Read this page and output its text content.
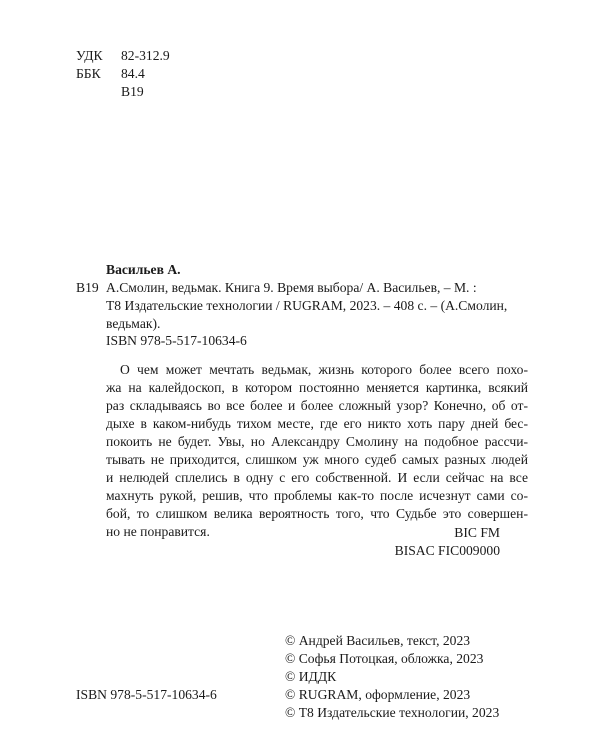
УДК	82-312.9
ББК	84.4
В19
Васильев А.
В19 А.Смолин, ведьмак. Книга 9. Время выбора/ А. Васильев, – М. :
Т8 Издательские технологии / RUGRAM, 2023. – 408 с. – (А.Смолин,
ведьмак).
ISBN 978-5-517-10634-6
О чем может мечтать ведьмак, жизнь которого более всего похо-
жа на калейдоскоп, в котором постоянно меняется картинка, всякий
раз складываясь во все более и более сложный узор? Конечно, об от-
дыхе в каком-нибудь тихом месте, где его никто хоть пару дней бес-
покоить не будет. Увы, но Александру Смолину на подобное рассчи-
тывать не приходится, слишком уж много судеб самых разных людей
и нелюдей сплелись в одну с его собственной. И если сейчас на все
махнуть рукой, решив, что проблемы как-то после исчезнут сами со-
бой, то слишком велика вероятность того, что Судьбе это совершен-
но не понравится.	BIC FM
BISAC FIC009000
© Андрей Васильев, текст, 2023
© Софья Потоцкая, обложка, 2023
© ИДДК
© RUGRAM, оформление, 2023
© Т8 Издательские технологии, 2023
ISBN 978-5-517-10634-6
